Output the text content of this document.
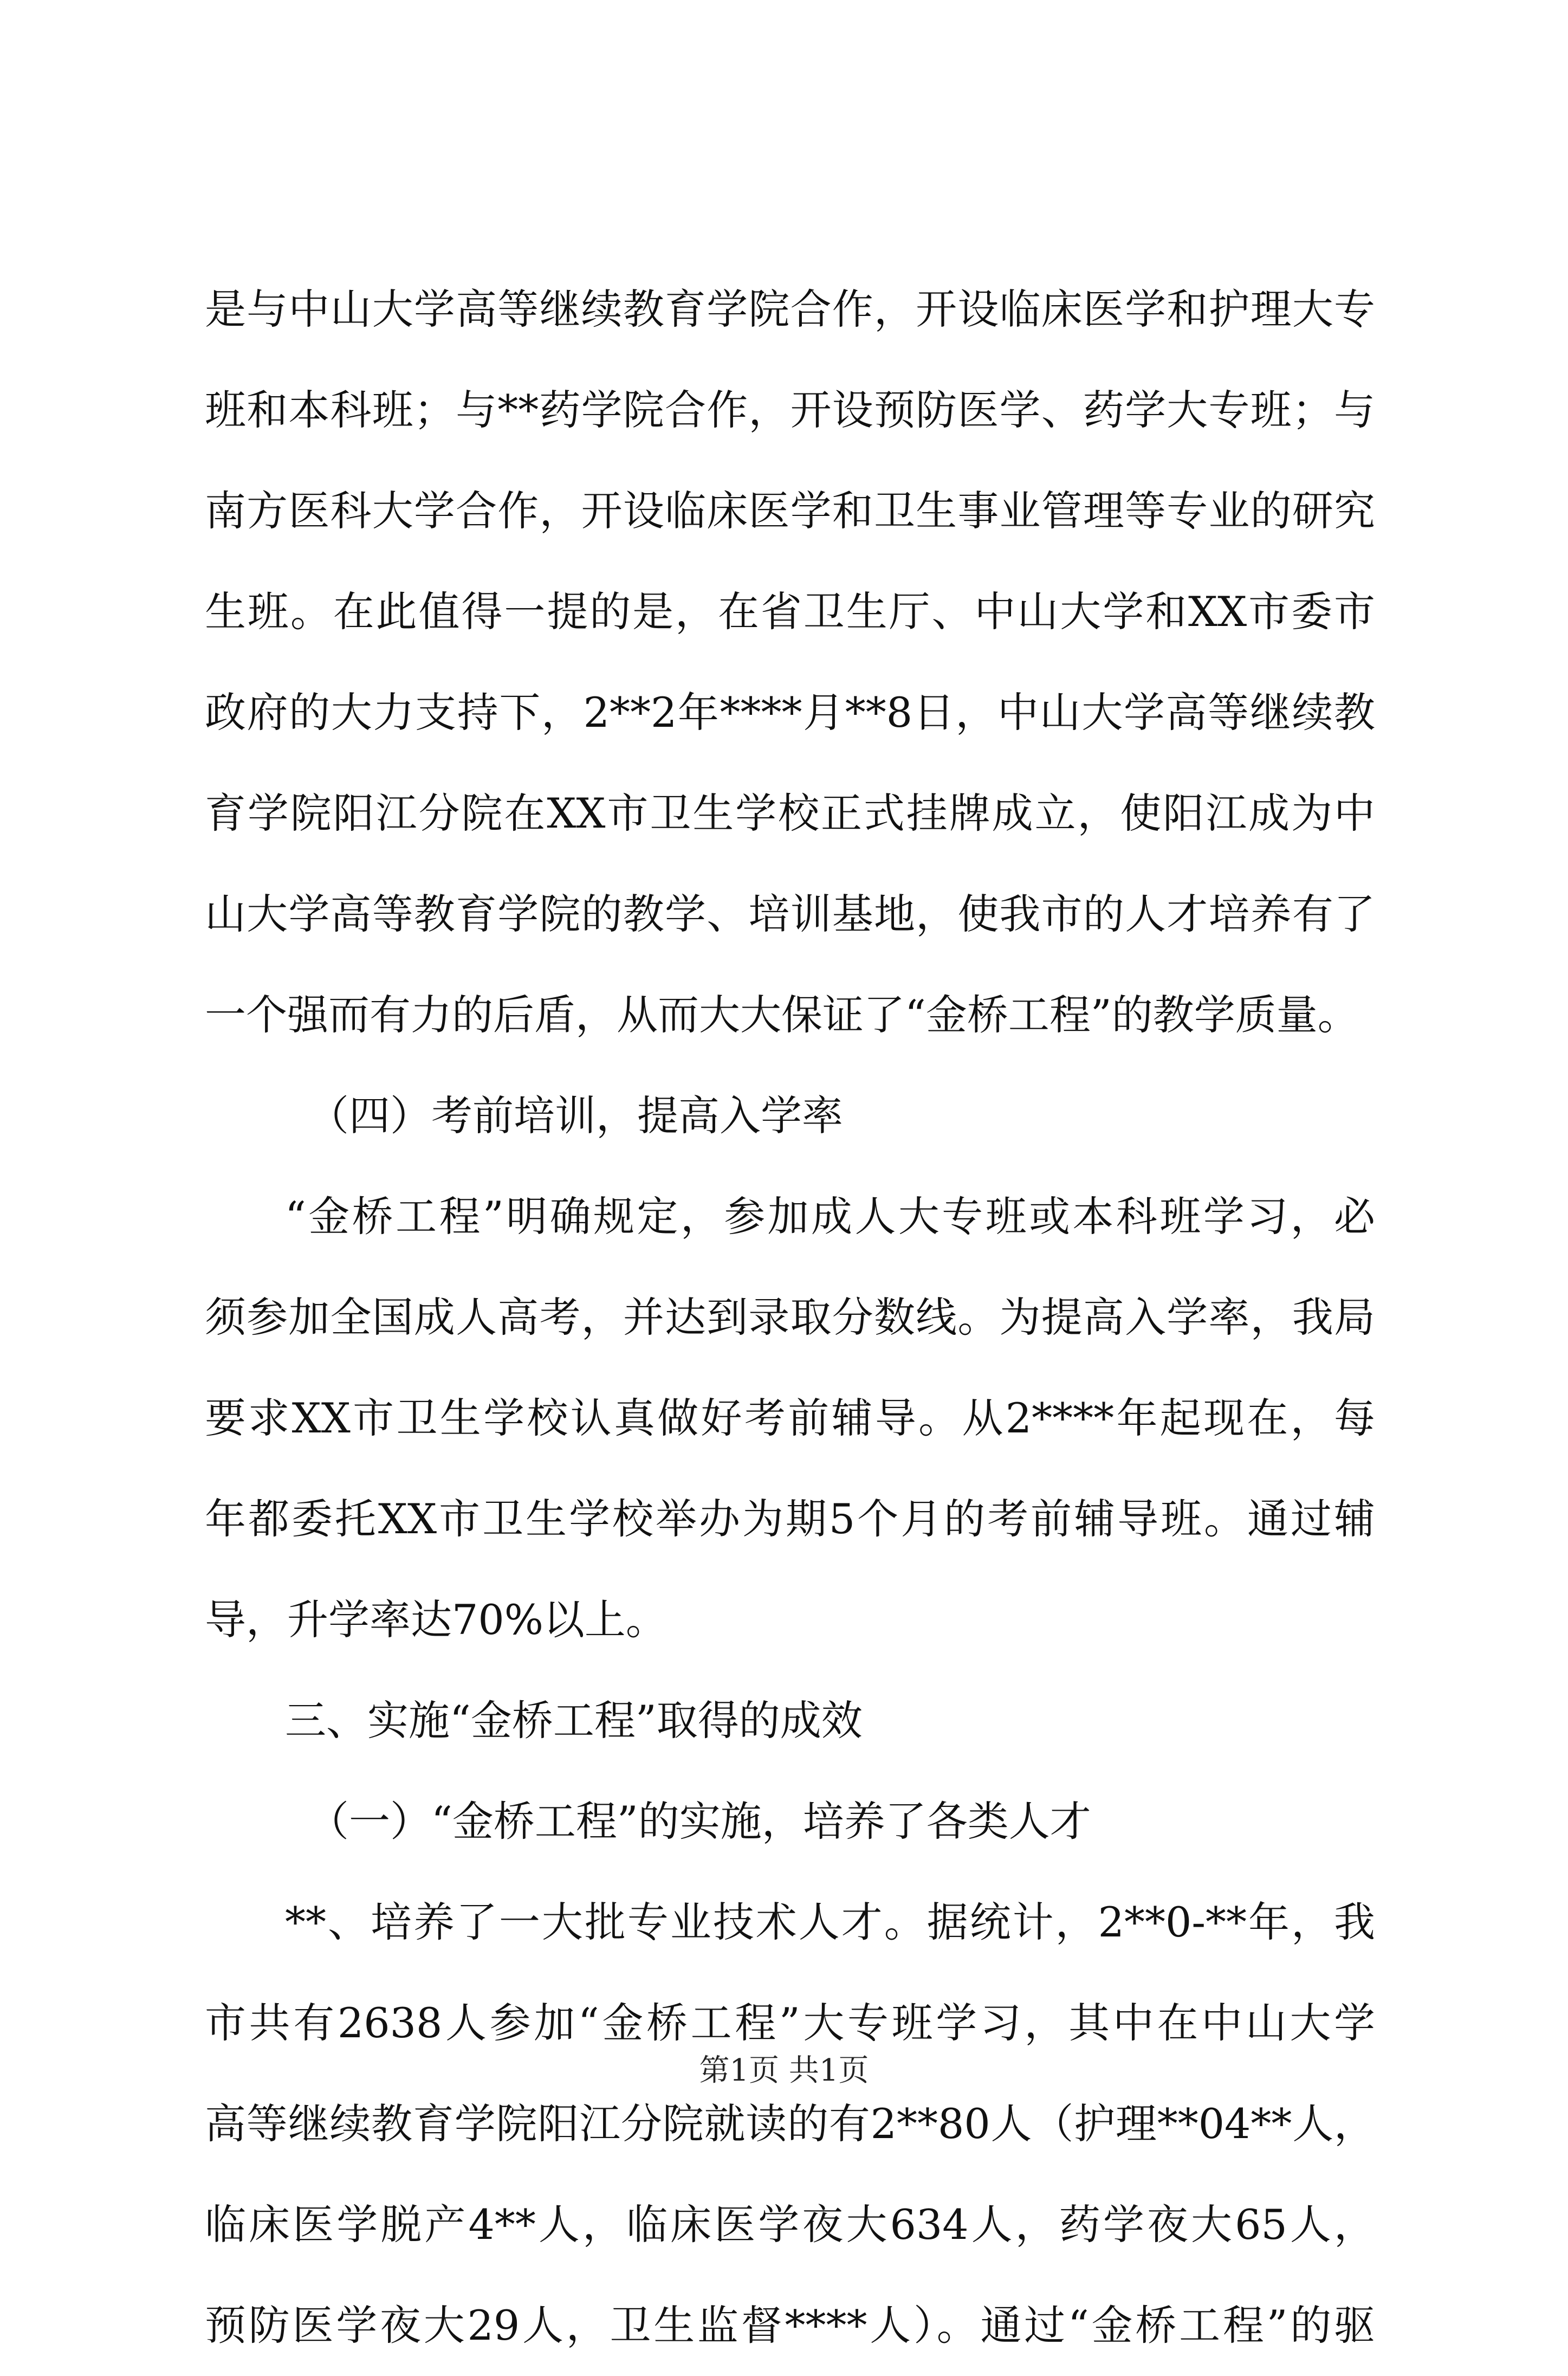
是与中山大学高等继续教育学院合作，开设临床医学和护理大专
班和本科班；与**药学院合作，开设预防医学、药学大专班；与
南方医科大学合作，开设临床医学和卫生事业管理等专业的研究
生班。在此值得一提的是，在省卫生厅、中山大学和XX市委市
政府的大力支持下，2**2年****月**8日，中山大学高等继续教
育学院阳江分院在XX市卫生学校正式挂牌成立，使阳江成为中
山大学高等教育学院的教学、培训基地，使我市的人才培养有了
一个强而有力的后盾，从而大大保证了“金桥工程”的教学质量。
（四）考前培训，提高入学率
“金桥工程”明确规定，参加成人大专班或本科班学习，必
须参加全国成人高考，并达到录取分数线。为提高入学率，我局
要求XX市卫生学校认真做好考前辅导。从2****年起现在，每
年都委托XX市卫生学校举办为期5个月的考前辅导班。通过辅
导，升学率达70%以上。
三、实施“金桥工程”取得的成效
（一）“金桥工程”的实施，培养了各类人才
**、培养了一大批专业技术人才。据统计，2**0-**年，我
市共有2638人参加“金桥工程”大专班学习，其中在中山大学
高等继续教育学院阳江分院就读的有2**80人（护理**04**人，
临床医学脱产4**人，临床医学夜大634人，药学夜大65人，
预防医学夜大29人，卫生监督****人）。通过“金桥工程”的驱
第1页 共1页
